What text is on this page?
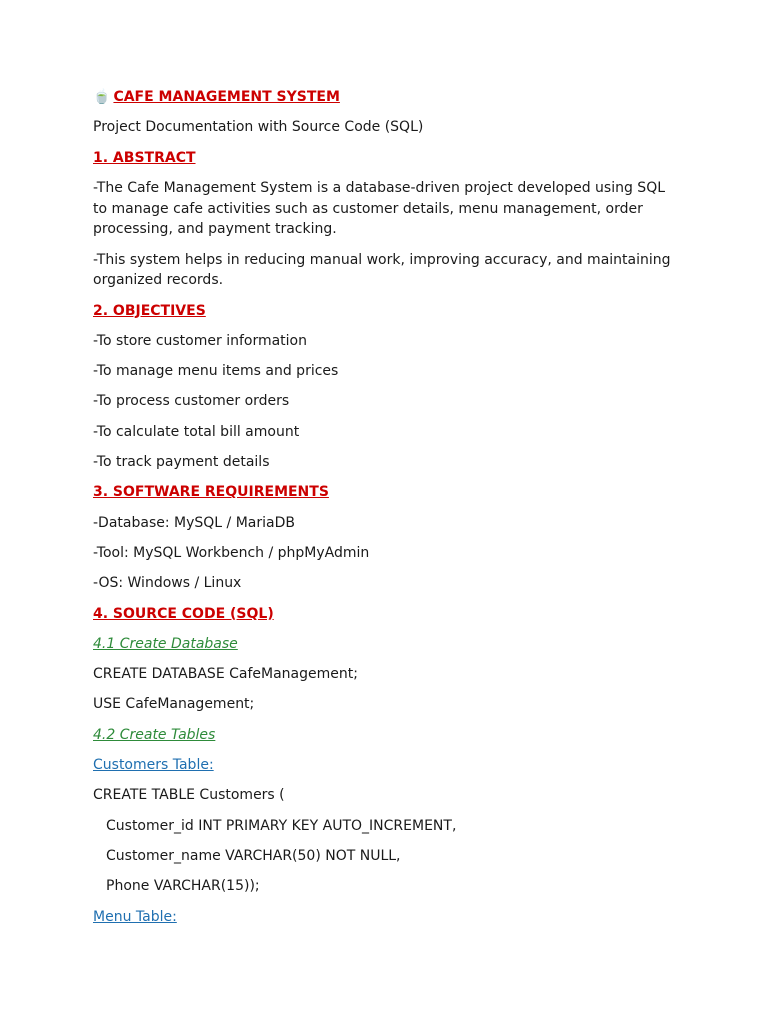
🍵 CAFE MANAGEMENT SYSTEM
Project Documentation with Source Code (SQL)
1. ABSTRACT
-The Cafe Management System is a database-driven project developed using SQL to manage cafe activities such as customer details, menu management, order processing, and payment tracking.
-This system helps in reducing manual work, improving accuracy, and maintaining organized records.
2. OBJECTIVES
-To store customer information
-To manage menu items and prices
-To process customer orders
-To calculate total bill amount
-To track payment details
3. SOFTWARE REQUIREMENTS
-Database: MySQL / MariaDB
-Tool: MySQL Workbench / phpMyAdmin
-OS: Windows / Linux
4. SOURCE CODE (SQL)
4.1 Create Database
CREATE DATABASE CafeManagement;
USE CafeManagement;
4.2 Create Tables
Customers Table:
CREATE TABLE Customers (
Customer_id INT PRIMARY KEY AUTO_INCREMENT,
Customer_name VARCHAR(50) NOT NULL,
Phone VARCHAR(15));
Menu Table:
